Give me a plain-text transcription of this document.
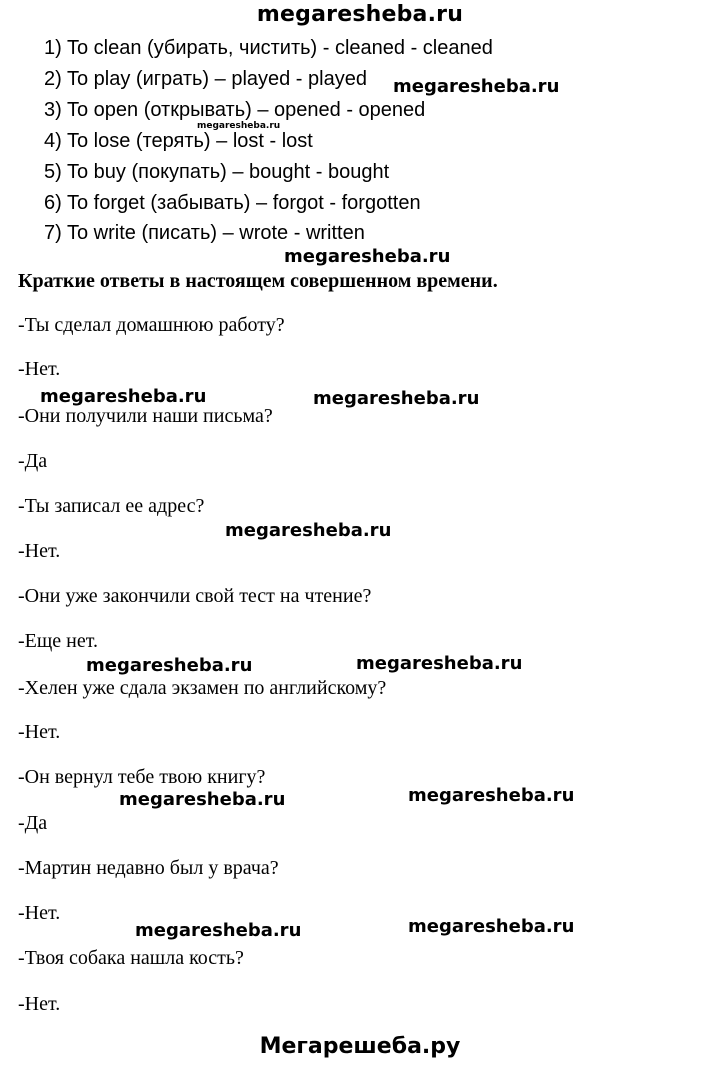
megaresheba.ru
1) To clean (убирать, чистить) - cleaned - cleaned
2) To play (играть) – played - played
3) To open (открывать) – opened - opened
4) To lose (терять) – lost - lost
5) To buy (покупать) – bought - bought
6) To forget (забывать) – forgot - forgotten
7) To write (писать) – wrote - written
Краткие ответы в настоящем совершенном времени.
-Ты сделал домашнюю работу?
-Нет.
-Они получили наши письма?
-Да
-Ты записал ее адрес?
-Нет.
-Они уже закончили свой тест на чтение?
-Еще нет.
-Хелен уже сдала экзамен по английскому?
-Нет.
-Он вернул тебе твою книгу?
-Да
-Мартин недавно был у врача?
-Нет.
-Твоя собака нашла кость?
-Нет.
megaresheba.ru
megaresheba.ru
megaresheba.ru
megaresheba.ru	megaresheba.ru
megaresheba.ru
megaresheba.ru	megaresheba.ru
megaresheba.ru	megaresheba.ru
megaresheba.ru	megaresheba.ru
Мегарешеба.ру
